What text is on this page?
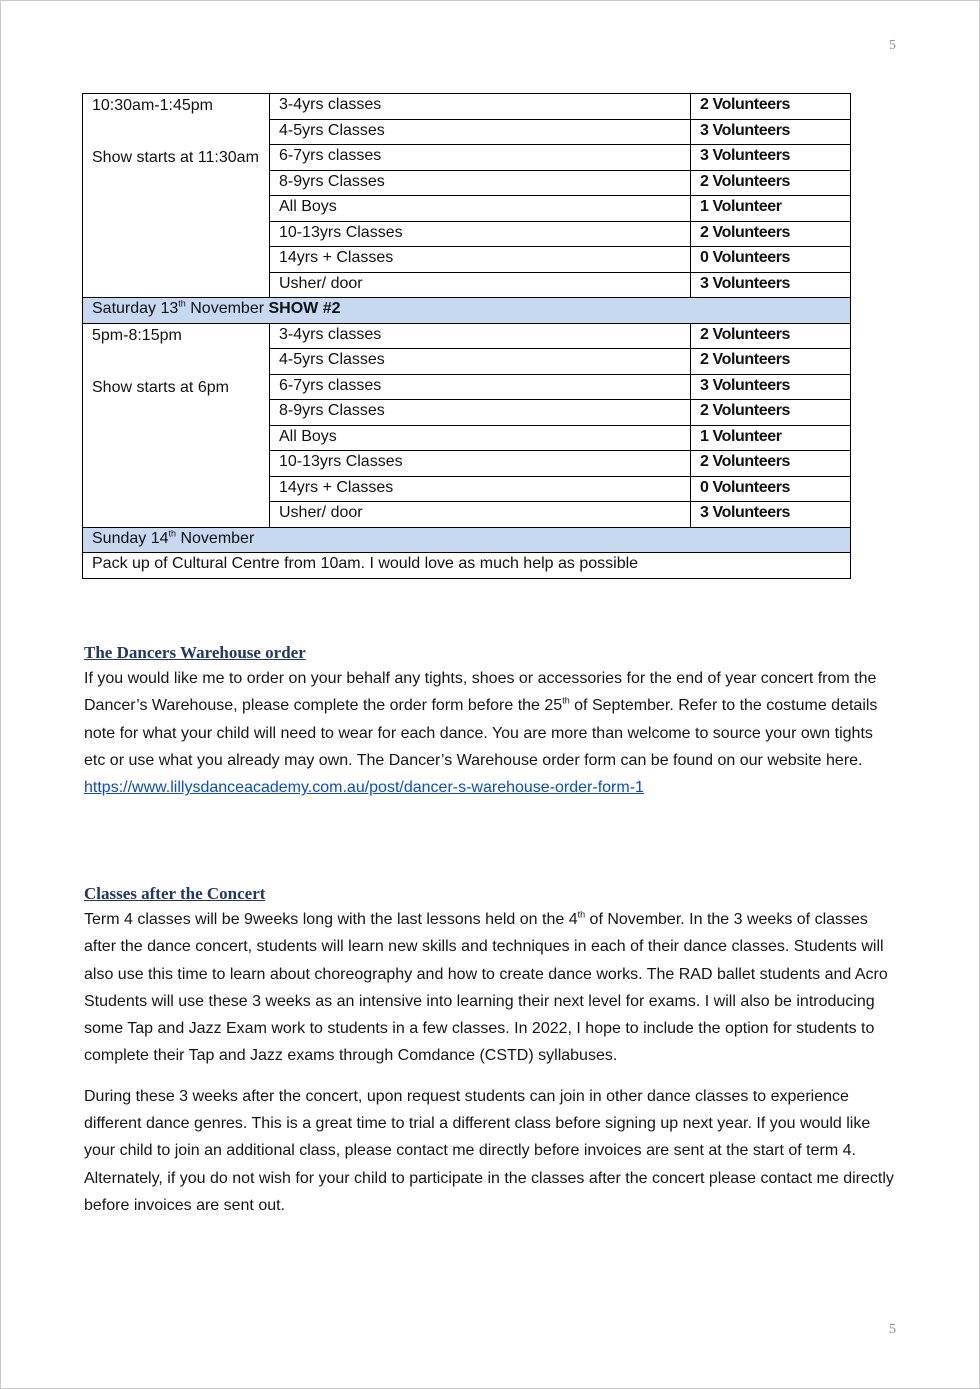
5
10:30am-1:45pm
Show starts at 11:30am	3-4yrs classes	2 Volunteers
	4-5yrs Classes	3 Volunteers
	6-7yrs classes	3 Volunteers
	8-9yrs Classes	2 Volunteers
	All Boys	1 Volunteer
	10-13yrs Classes	2 Volunteers
	14yrs + Classes	0 Volunteers
	Usher/ door	3 Volunteers
Saturday 13th November SHOW #2		
5pm-8:15pm
Show starts at 6pm	3-4yrs classes	2 Volunteers
	4-5yrs Classes	2 Volunteers
	6-7yrs classes	3 Volunteers
	8-9yrs Classes	2 Volunteers
	All Boys	1 Volunteer
	10-13yrs Classes	2 Volunteers
	14yrs + Classes	0 Volunteers
	Usher/ door	3 Volunteers
Sunday 14th November		
Pack up of Cultural Centre from 10am. I would love as much help as possible		
The Dancers Warehouse order

If you would like me to order on your behalf any tights, shoes or accessories for the end of year concert from the Dancer’s Warehouse, please complete the order form before the 25th of September. Refer to the costume details note for what your child will need to wear for each dance. You are more than welcome to source your own tights etc or use what you already may own. The Dancer’s Warehouse order form can be found on our website here. https://www.lillysdanceacademy.com.au/post/dancer-s-warehouse-order-form-1

Classes after the Concert

Term 4 classes will be 9weeks long with the last lessons held on the 4th of November. In the 3 weeks of classes after the dance concert, students will learn new skills and techniques in each of their dance classes. Students will also use this time to learn about choreography and how to create dance works. The RAD ballet students and Acro Students will use these 3 weeks as an intensive into learning their next level for exams. I will also be introducing some Tap and Jazz Exam work to students in a few classes. In 2022, I hope to include the option for students to complete their Tap and Jazz exams through Comdance (CSTD) syllabuses.

During these 3 weeks after the concert, upon request students can join in other dance classes to experience different dance genres. This is a great time to trial a different class before signing up next year. If you would like your child to join an additional class, please contact me directly before invoices are sent at the start of term 4. Alternately, if you do not wish for your child to participate in the classes after the concert please contact me directly before invoices are sent out.

5
